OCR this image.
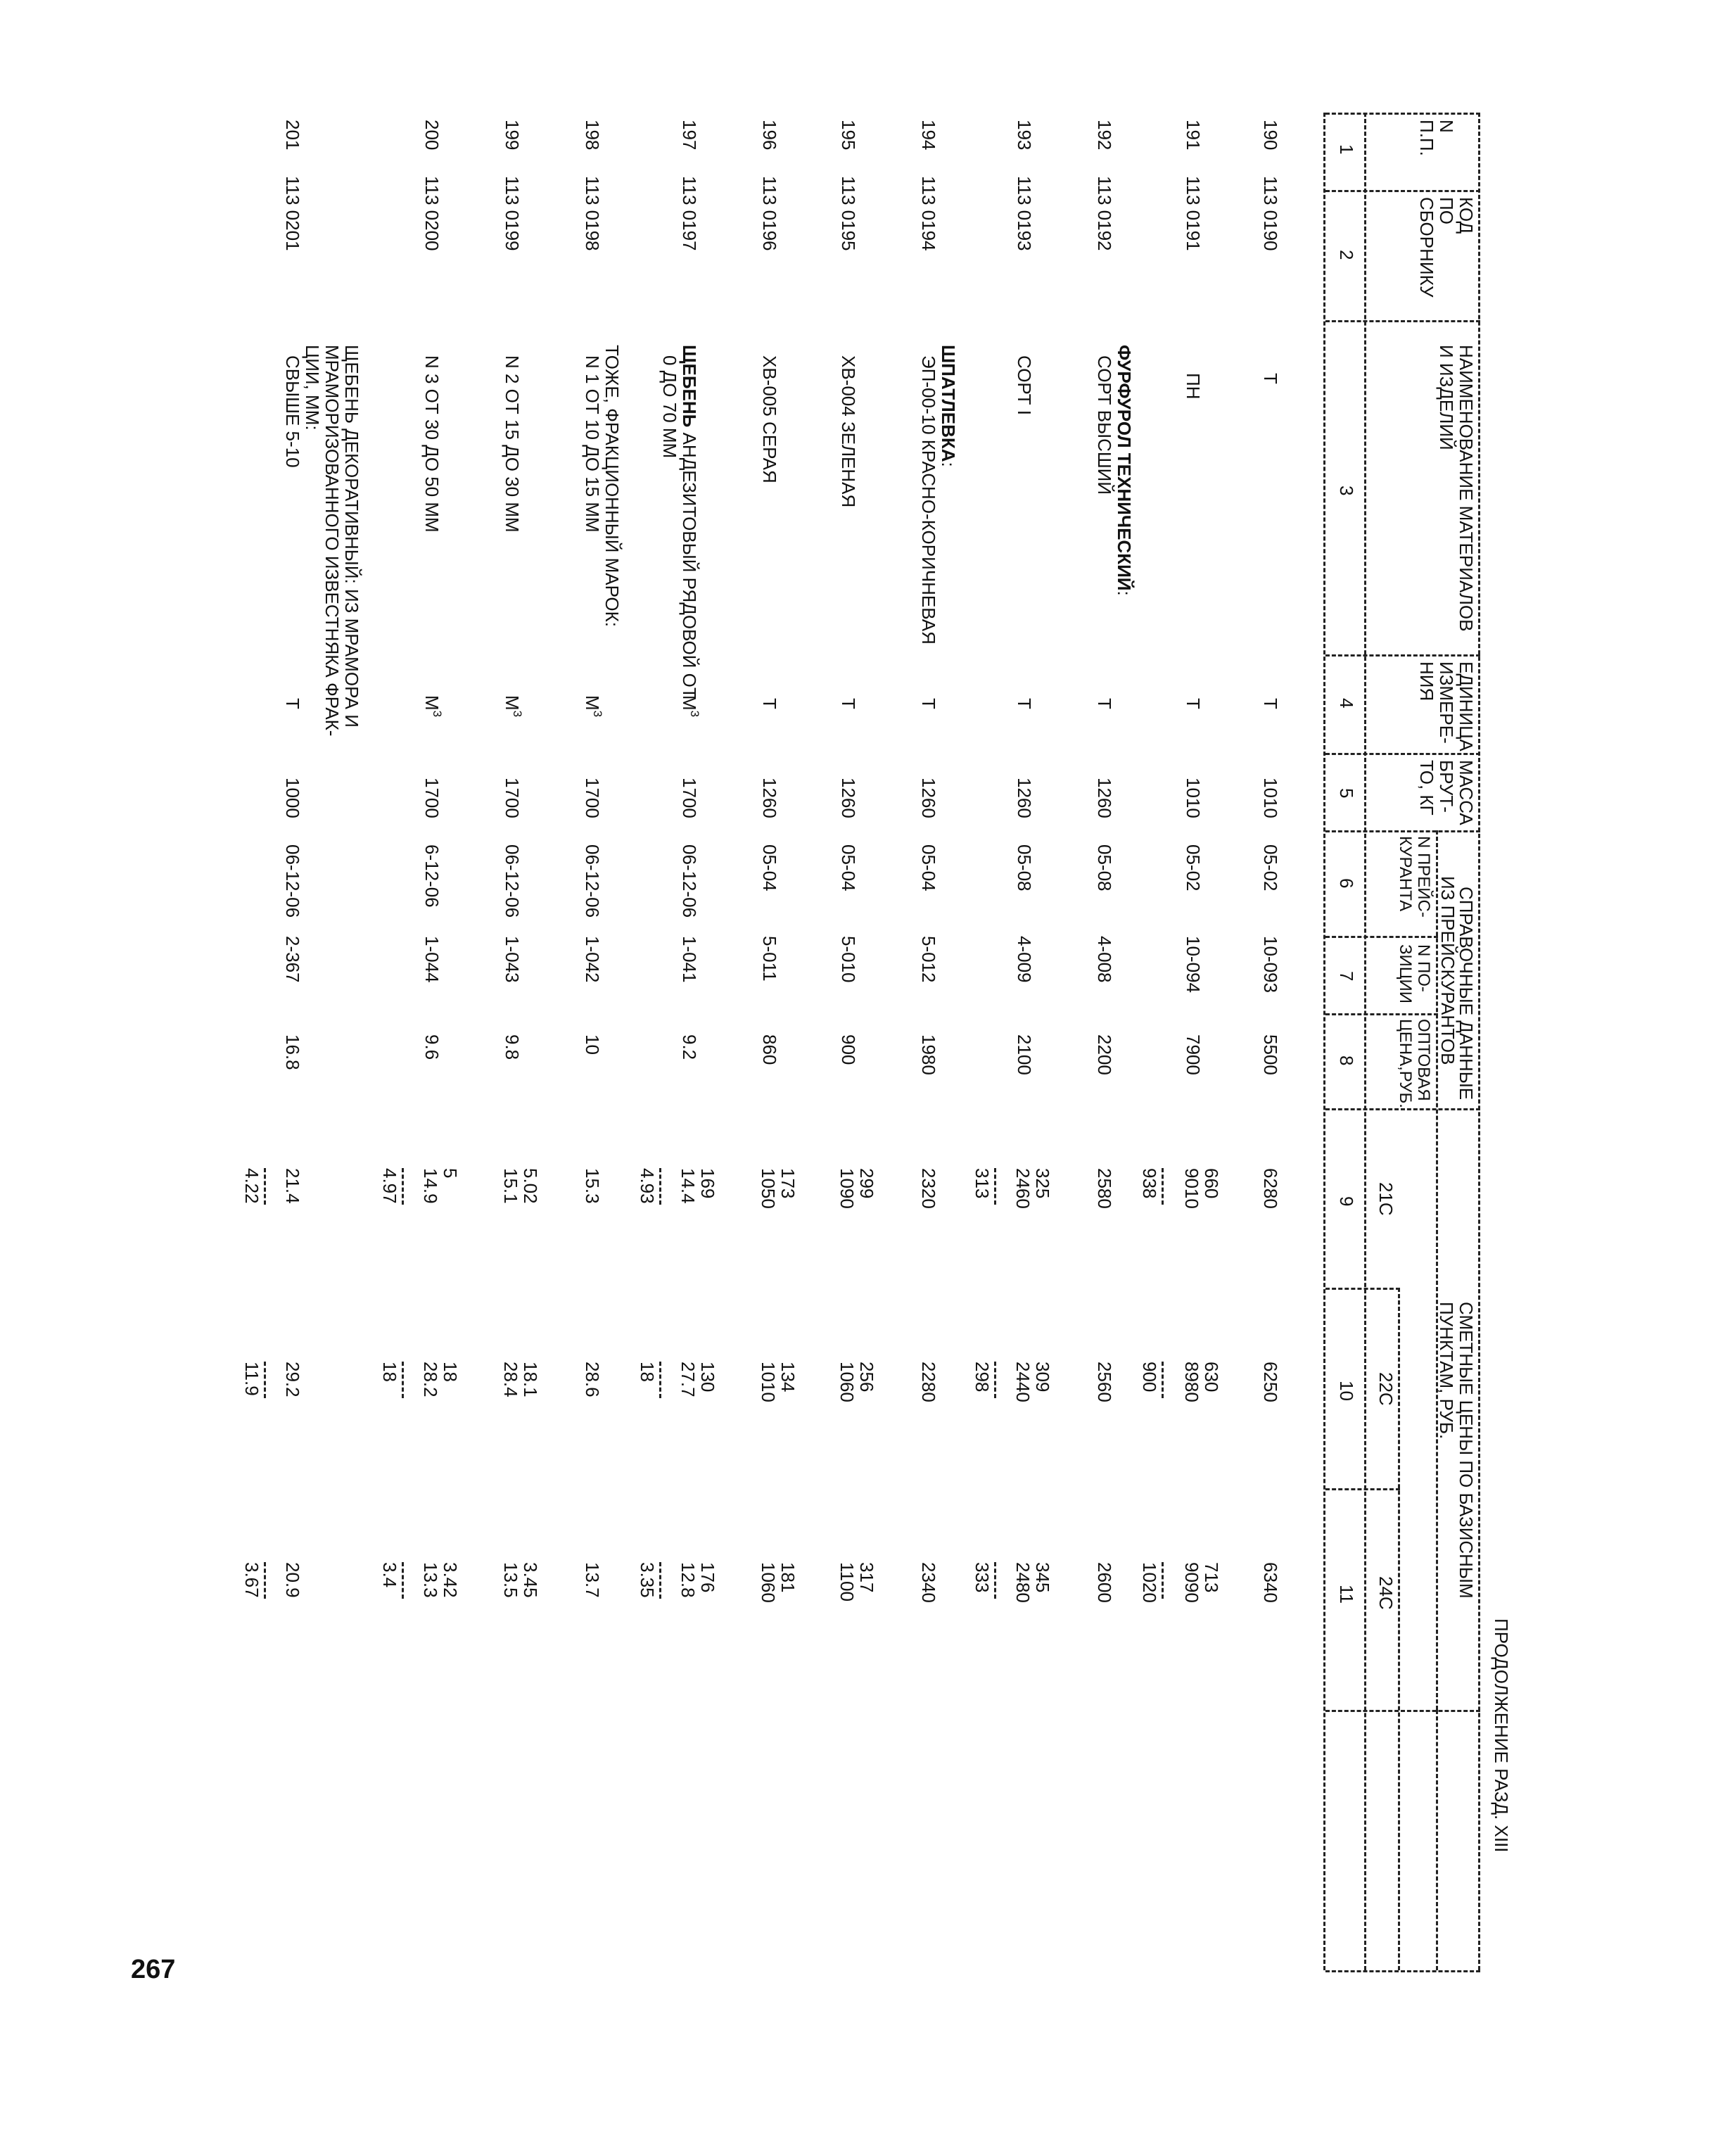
ПРОДОЛЖЕНИЕ РАЗД. XIII
N
П.П.
КОД
ПО
СБОРНИКУ
НАИМЕНОВАНИЕ МАТЕРИАЛОВ
И ИЗДЕЛИЙ
ЕДИНИЦА
ИЗМЕРЕ-
НИЯ
МАССА
БРУТ-
ТО, КГ
СПРАВОЧНЫЕ ДАННЫЕ
ИЗ ПРЕЙСКУРАНТОВ
N ПРЕЙС-
КУРАНТА
N ПО-
ЗИЦИИ
ОПТОВАЯ
ЦЕНА,РУБ.
СМЕТНЫЕ ЦЕНЫ ПО БАЗИСНЫМ
ПУНКТАМ, РУБ.
21С
22С
24С
1
2
3
4
5
6
7
8
9
10
11
190
113 0190
Т
Т
1010
05-02
10-093
5500
6280
6250
6340
191
113 0191
ПН
Т
1010
05-02
10-094
7900
660
9010
938
630
8980
900
713
9090
1020
ФУРФУРОЛ ТЕХНИЧЕСКИЙ:
192
113 0192
СОРТ ВЫСШИЙ
Т
1260
05-08
4-008
2200
2580
2560
2600
193
113 0193
СОРТ I
Т
1260
05-08
4-009
2100
325
2460
313
309
2440
298
345
2480
333
ШПАТЛЕВКА:
194
113 0194
ЭП-00-10 КРАСНО-КОРИЧНЕВАЯ
Т
1260
05-04
5-012
1980
2320
2280
2340
195
113 0195
ХВ-004 ЗЕЛЕНАЯ
Т
1260
05-04
5-010
900
299
1090
256
1060
317
1100
196
113 0196
ХВ-005 СЕРАЯ
Т
1260
05-04
5-011
860
173
1050
134
1010
181
1060
197
113 0197
ЩЕБЕНЬ АНДЕЗИТОВЫЙ РЯДОВОЙ ОТ
0 ДО 70 ММ
$М^3$
1700
06-12-06
1-041
9.2
169
14.4
4.93
130
27.7
18
176
12.8
3.35
ТОЖЕ, ФРАКЦИОННЫЙ МАРОК:
198
113 0198
N 1 ОТ 10 ДО 15 ММ
$М^3$
1700
06-12-06
1-042
10
15.3
28.6
13.7
199
113 0199
N 2 ОТ 15 ДО 30 ММ
$М^3$
1700
06-12-06
1-043
9.8
5.02
15.1
18.1
28.4
3.45
13.5
200
113 0200
N 3 ОТ 30 ДО 50 ММ
$М^3$
1700
6-12-06
1-044
9.6
5
14.9
4.97
18
28.2
18
3.42
13.3
3.4
ЩЕБЕНЬ ДЕКОРАТИВНЫЙ: ИЗ МРАМОРА И
МРАМОРИЗОВАННОГО ИЗВЕСТНЯКА ФРАК-
ЦИИ, ММ:
201
113 0201
СВЫШЕ 5-10
Т
1000
06-12-06
2-367
16.8
21.4
4.22
29.2
11.9
20.9
3.67
267
